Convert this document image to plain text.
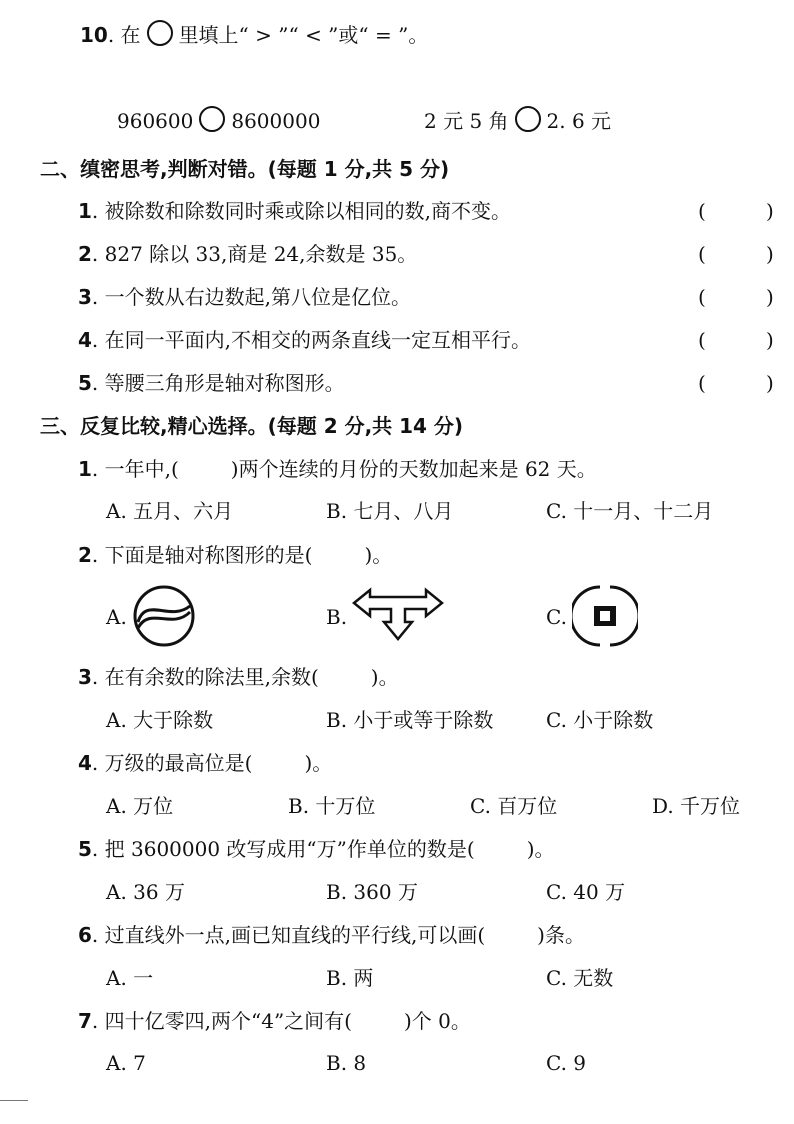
10. 在 里填上“ > ”“ < ”或“ = ”。
960600 8600000	2 元 5 角 2. 6 元
二、缜密思考,判断对错。(每题 1 分,共 5 分)
1. 被除数和除数同时乘或除以相同的数,商不变。	(	)
2. 827 除以 33,商是 24,余数是 35。	(	)
3. 一个数从右边数起,第八位是亿位。	(	)
4. 在同一平面内,不相交的两条直线一定互相平行。	(	)
5. 等腰三角形是轴对称图形。	(	)
三、反复比较,精心选择。(每题 2 分,共 14 分)
1. 一年中,(	)两个连续的月份的天数加起来是 62 天。
A. 五月、六月	B. 七月、八月	C. 十一月、十二月
2. 下面是轴对称图形的是(	)。
A.	B.	C.
3. 在有余数的除法里,余数(	)。
A. 大于除数	B. 小于或等于除数	C. 小于除数
4. 万级的最高位是(	)。
A. 万位	B. 十万位	C. 百万位	D. 千万位
5. 把 3600000 改写成用“万”作单位的数是(	)。
A. 36 万	B. 360 万	C. 40 万
6. 过直线外一点,画已知直线的平行线,可以画(	)条。
A. 一	B. 两	C. 无数
7. 四十亿零四,两个“4”之间有(	)个 0。
A. 7	B. 8	C. 9
